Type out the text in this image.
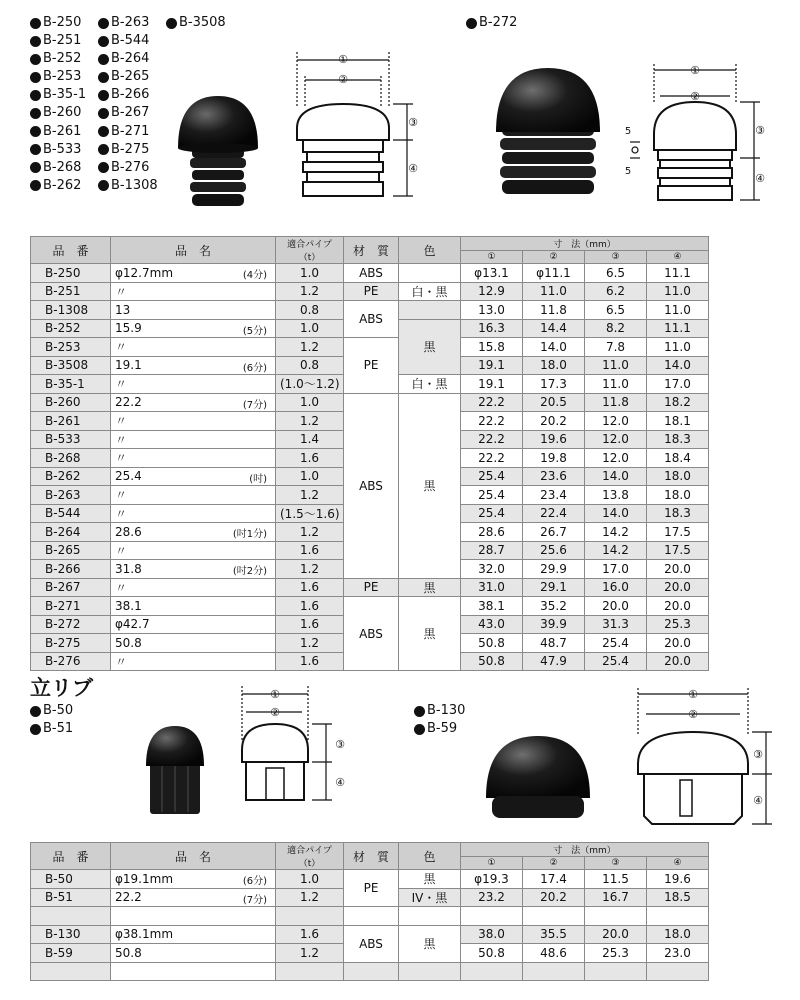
B-250
B-251
B-252
B-253
B-35-1
B-260
B-261
B-533
B-268
B-262
B-263
B-544
B-264
B-265
B-266
B-267
B-271
B-275
B-276
B-1308
B-3508	B-272
①
②
③
④
①
②
③
④
5
5
品　番	品　名	適合パイプ
（t）	材　質	色	寸　法（mm）			
					①	②	③	④
B-250	φ12.7mm (4分)	1.0	ABS		φ13.1	φ11.1	6.5	11.1
B-251	〃	1.2	PE	白・黒	12.9	11.0	6.2	11.0
B-1308	13	0.8	ABS		13.0	11.8	6.5	11.0
B-252	15.9 (5分)	1.0		黒	16.3	14.4	8.2	11.1
B-253	〃	1.2	PE		15.8	14.0	7.8	11.0
B-3508	19.1 (6分)	0.8			19.1	18.0	11.0	14.0
B-35-1	〃	(1.0〜1.2)		白・黒	19.1	17.3	11.0	17.0
B-260	22.2 (7分)	1.0	ABS	黒	22.2	20.5	11.8	18.2
B-261	〃	1.2			22.2	20.2	12.0	18.1
B-533	〃	1.4			22.2	19.6	12.0	18.3
B-268	〃	1.6			22.2	19.8	12.0	18.4
B-262	25.4 (吋)	1.0			25.4	23.6	14.0	18.0
B-263	〃	1.2			25.4	23.4	13.8	18.0
B-544	〃	(1.5〜1.6)			25.4	22.4	14.0	18.3
B-264	28.6 (吋1分)	1.2			28.6	26.7	14.2	17.5
B-265	〃	1.6			28.7	25.6	14.2	17.5
B-266	31.8 (吋2分)	1.2			32.0	29.9	17.0	20.0
B-267	〃	1.6	PE	黒	31.0	29.1	16.0	20.0
B-271	38.1	1.6	ABS	黒	38.1	35.2	20.0	20.0
B-272	φ42.7	1.6			43.0	39.9	31.3	25.3
B-275	50.8	1.2			50.8	48.7	25.4	20.0
B-276	〃	1.6			50.8	47.9	25.4	20.0
立リブ
B-50
B-51
B-130
B-59
①
②
③
④
①
②
③
④
品　番	品　名	適合パイプ
（t）	材　質	色	寸　法（mm）			
					①	②	③	④
B-50	φ19.1mm (6分)	1.0	PE	黒	φ19.3	17.4	11.5	19.6
B-51	22.2 (7分)	1.2		IV・黒	23.2	20.2	16.7	18.5

B-130	φ38.1mm	1.6	ABS	黒	38.0	35.5	20.0	18.0
B-59	50.8	1.2			50.8	48.6	25.3	23.0
